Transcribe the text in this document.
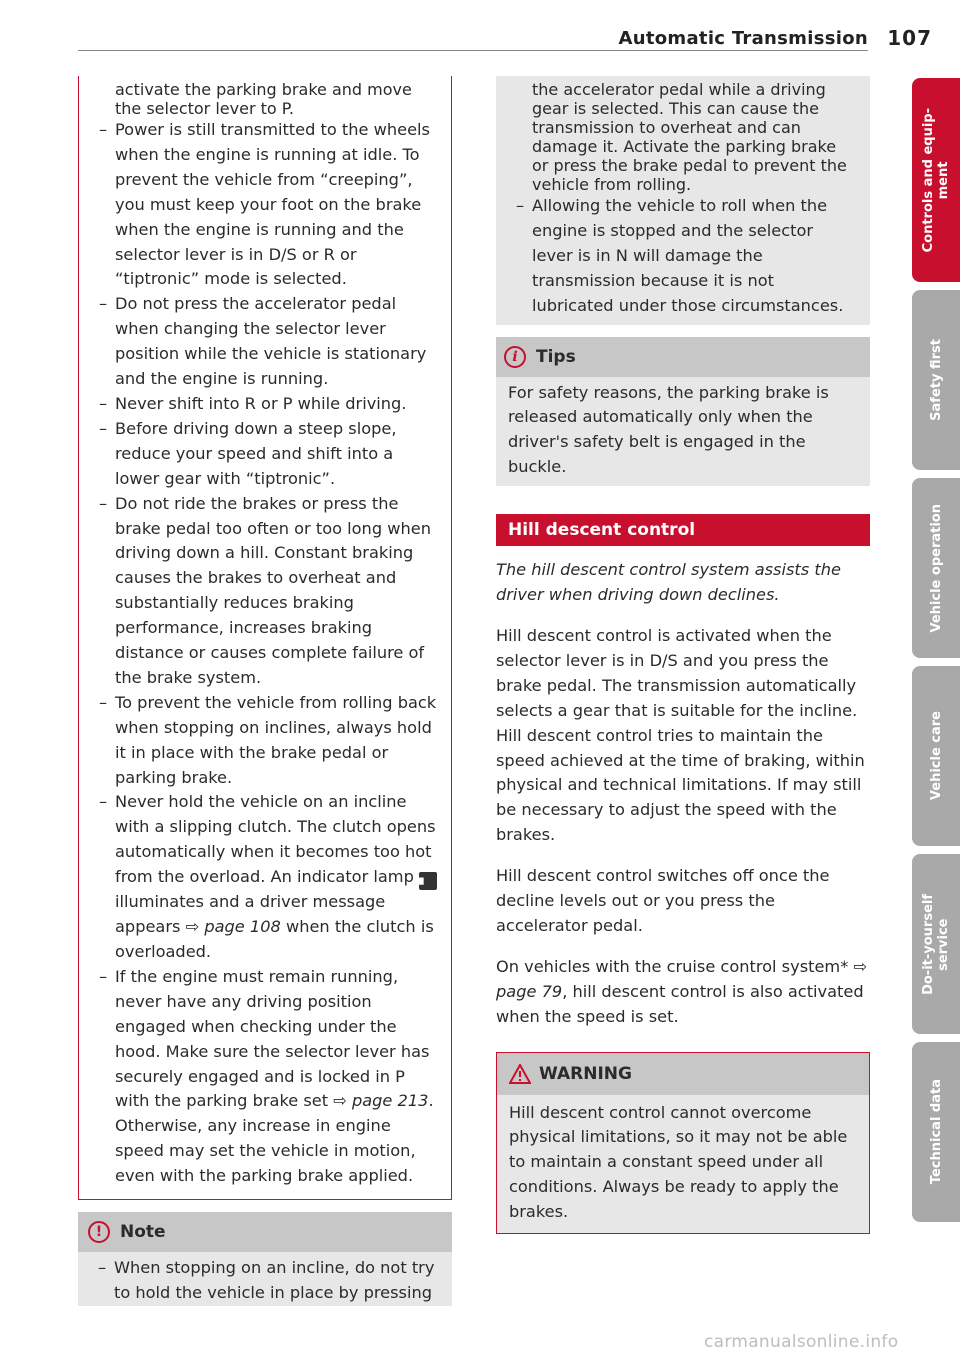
Automatic Transmission 107
activate the parking brake and move the selector lever to P.
– Power is still transmitted to the wheels when the engine is running at idle. To prevent the vehicle from “creeping”, you must keep your foot on the brake when the engine is running and the selector lever is in D/S or R or “tiptronic” mode is selected.
– Do not press the accelerator pedal when changing the selector lever position while the vehicle is stationary and the engine is running.
– Never shift into R or P while driving.
– Before driving down a steep slope, reduce your speed and shift into a lower gear with “tiptronic”.
– Do not ride the brakes or press the brake pedal too often or too long when driving down a hill. Constant braking causes the brakes to overheat and substantially reduces braking performance, increases braking distance or causes complete failure of the brake system.
– To prevent the vehicle from rolling back when stopping on inclines, always hold it in place with the brake pedal or parking brake.
– Never hold the vehicle on an incline with a slipping clutch. The clutch opens automatically when it becomes too hot from the overload. An indicator lamp ◼ illuminates and a driver message appears ⇨ page 108 when the clutch is overloaded.
– If the engine must remain running, never have any driving position engaged when checking under the hood. Make sure the selector lever has securely engaged and is locked in P with the parking brake set ⇨ page 213. Otherwise, any increase in engine speed may set the vehicle in motion, even with the parking brake applied.
!	Note
– When stopping on an incline, do not try to hold the vehicle in place by pressing
the accelerator pedal while a driving gear is selected. This can cause the transmission to overheat and can damage it. Activate the parking brake or press the brake pedal to prevent the vehicle from rolling.
– Allowing the vehicle to roll when the engine is stopped and the selector lever is in N will damage the transmission because it is not lubricated under those circumstances.
i	Tips

For safety reasons, the parking brake is released automatically only when the driver's safety belt is engaged in the buckle.

Hill descent control

The hill descent control system assists the driver when driving down declines.

Hill descent control is activated when the selector lever is in D/S and you press the brake pedal. The transmission automatically selects a gear that is suitable for the incline. Hill descent control tries to maintain the speed achieved at the time of braking, within physical and technical limitations. If may still be necessary to adjust the speed with the brakes.

Hill descent control switches off once the decline levels out or you press the accelerator pedal.

On vehicles with the cruise control system* ⇨ page 79, hill descent control is also activated when the speed is set.

WARNING

Hill descent control cannot overcome physical limitations, so it may not be able to maintain a constant speed under all conditions. Always be ready to apply the brakes.

Controls and equip-
ment
Safety first
Vehicle operation
Vehicle care
Do-it-yourself
service
Technical data
carmanualsonline.info
